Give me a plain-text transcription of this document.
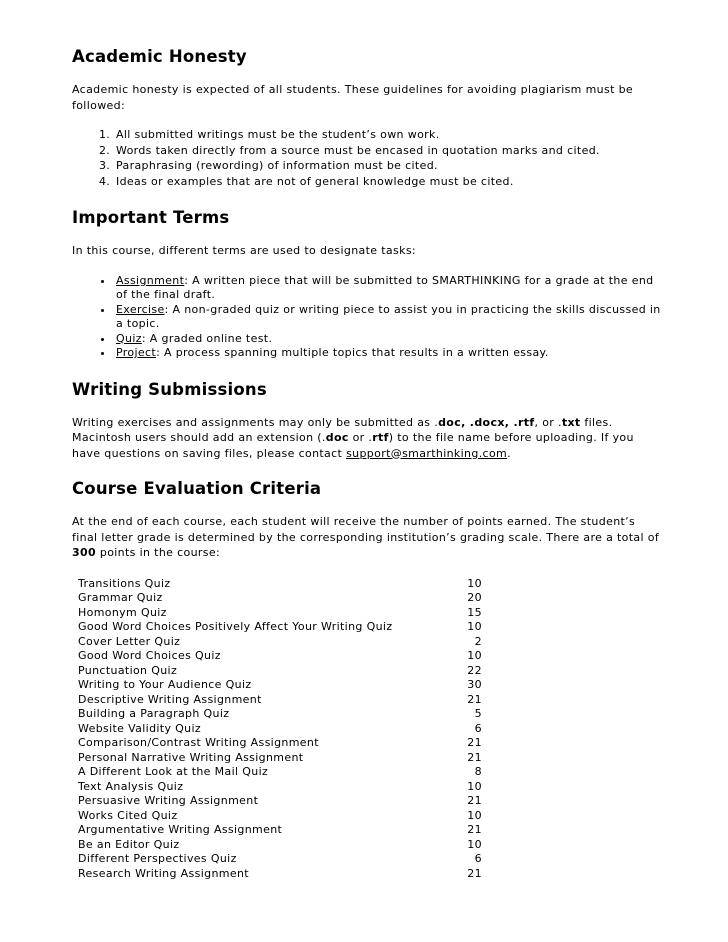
Academic Honesty

Academic honesty is expected of all students. These guidelines for avoiding plagiarism must be followed:

1. All submitted writings must be the student’s own work.
2. Words taken directly from a source must be encased in quotation marks and cited.
3. Paraphrasing (rewording) of information must be cited.
4. Ideas or examples that are not of general knowledge must be cited.
Important Terms

In this course, different terms are used to designate tasks:

• Assignment: A written piece that will be submitted to SMARTHINKING for a grade at the end of the final draft.
• Exercise: A non-graded quiz or writing piece to assist you in practicing the skills discussed in a topic.
• Quiz: A graded online test.
• Project: A process spanning multiple topics that results in a written essay.
Writing Submissions

Writing exercises and assignments may only be submitted as .doc, .docx, .rtf, or .txt files. Macintosh users should add an extension (.doc or .rtf) to the file name before uploading. If you have questions on saving files, please contact support@smarthinking.com.

Course Evaluation Criteria

At the end of each course, each student will receive the number of points earned. The student’s final letter grade is determined by the corresponding institution’s grading scale. There are a total of 300 points in the course:

Transitions Quiz	10
Grammar Quiz	20
Homonym Quiz	15
Good Word Choices Positively Affect Your Writing Quiz	10
Cover Letter Quiz	2
Good Word Choices Quiz	10
Punctuation Quiz	22
Writing to Your Audience Quiz	30
Descriptive Writing Assignment	21
Building a Paragraph Quiz	5
Website Validity Quiz	6
Comparison/Contrast Writing Assignment	21
Personal Narrative Writing Assignment	21
A Different Look at the Mail Quiz	8
Text Analysis Quiz	10
Persuasive Writing Assignment	21
Works Cited Quiz	10
Argumentative Writing Assignment	21
Be an Editor Quiz	10
Different Perspectives Quiz	6
Research Writing Assignment	21
